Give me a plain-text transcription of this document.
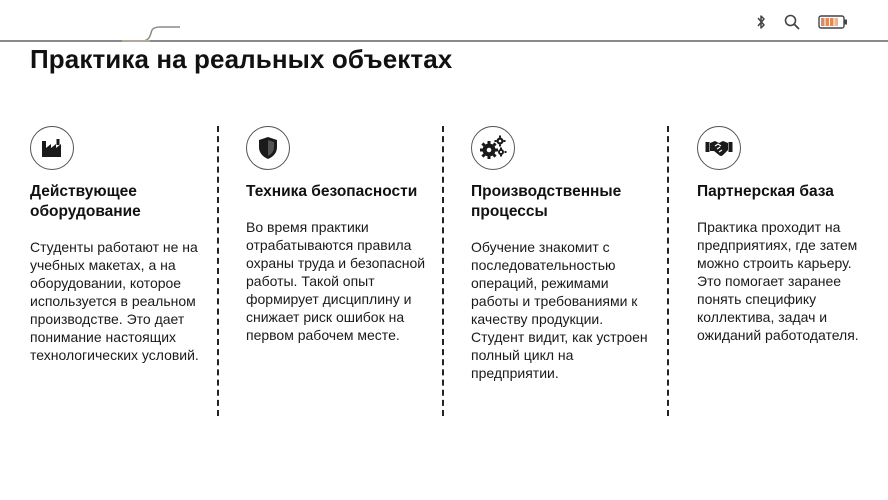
Практика на реальных объектах
Действующее оборудование
Студенты работают не на учебных макетах, а на оборудовании, которое используется в реальном производстве. Это дает понимание настоящих технологических условий.
Техника безопасности
Во время практики отрабатываются правила охраны труда и безопасной работы. Такой опыт формирует дисциплину и снижает риск ошибок на первом рабочем месте.
Производственные процессы
Обучение знакомит с последовательностью операций, режимами работы и требованиями к качеству продукции. Студент видит, как устроен полный цикл на предприятии.
Партнерская база
Практика проходит на предприятиях, где затем можно строить карьеру. Это помогает заранее понять специфику коллектива, задач и ожиданий работодателя.
